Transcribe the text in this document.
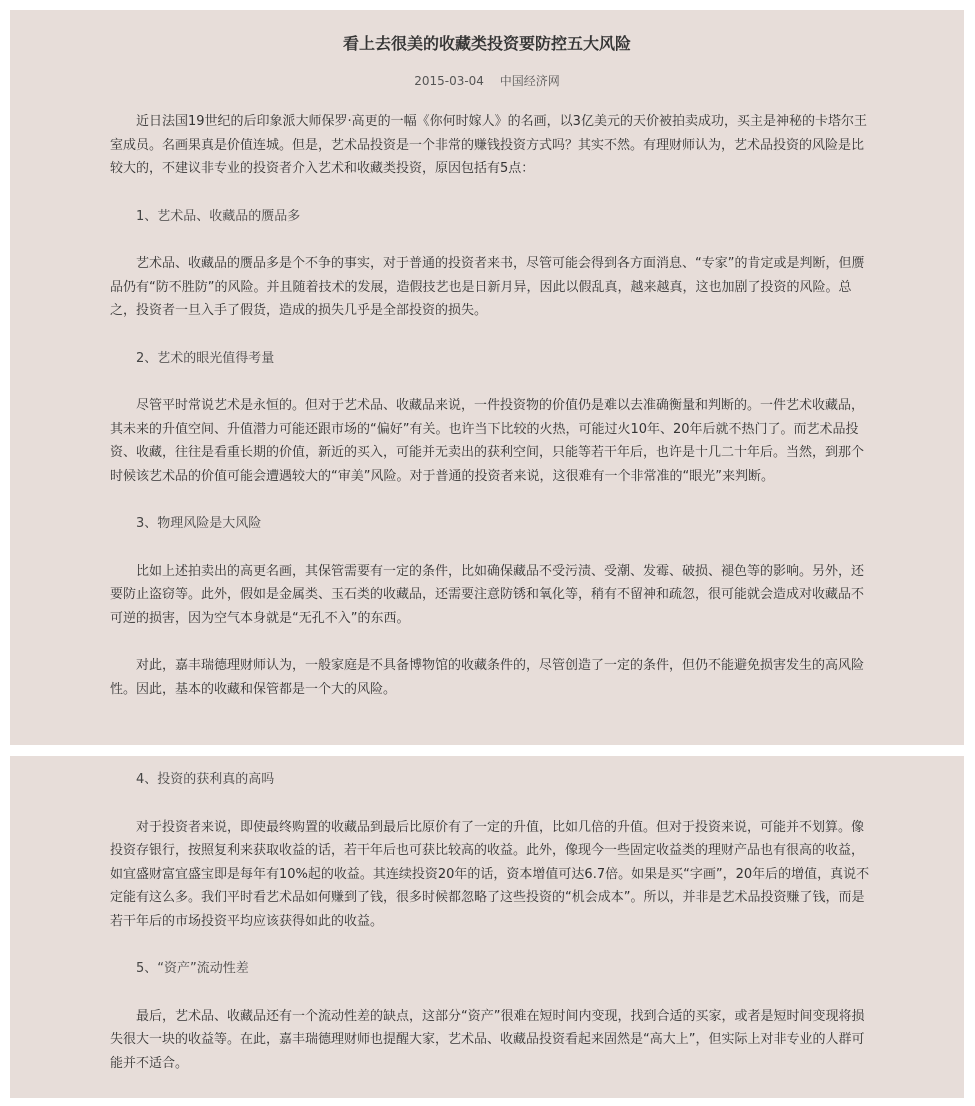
看上去很美的收藏类投资要防控五大风险
2015-03-04 中国经济网

近日法国19世纪的后印象派大师保罗·高更的一幅《你何时嫁人》的名画，以3亿美元的天价被拍卖成功，买主是神秘的卡塔尔王室成员。名画果真是价值连城。但是，艺术品投资是一个非常的赚钱投资方式吗？其实不然。有理财师认为，艺术品投资的风险是比较大的，不建议非专业的投资者介入艺术和收藏类投资，原因包括有5点：

1、艺术品、收藏品的赝品多

艺术品、收藏品的赝品多是个不争的事实，对于普通的投资者来书，尽管可能会得到各方面消息、“专家”的肯定或是判断，但赝品仍有“防不胜防”的风险。并且随着技术的发展，造假技艺也是日新月异，因此以假乱真，越来越真，这也加剧了投资的风险。总之，投资者一旦入手了假货，造成的损失几乎是全部投资的损失。

2、艺术的眼光值得考量

尽管平时常说艺术是永恒的。但对于艺术品、收藏品来说，一件投资物的价值仍是难以去准确衡量和判断的。一件艺术收藏品，其未来的升值空间、升值潜力可能还跟市场的“偏好”有关。也许当下比较的火热，可能过火10年、20年后就不热门了。而艺术品投资、收藏，往往是看重长期的价值，新近的买入，可能并无卖出的获利空间，只能等若干年后，也许是十几二十年后。当然，到那个时候该艺术品的价值可能会遭遇较大的“审美”风险。对于普通的投资者来说，这很难有一个非常准的“眼光”来判断。

3、物理风险是大风险

比如上述拍卖出的高更名画，其保管需要有一定的条件，比如确保藏品不受污渍、受潮、发霉、破损、褪色等的影响。另外，还要防止盗窃等。此外，假如是金属类、玉石类的收藏品，还需要注意防锈和氧化等，稍有不留神和疏忽，很可能就会造成对收藏品不可逆的损害，因为空气本身就是“无孔不入”的东西。

对此，嘉丰瑞德理财师认为，一般家庭是不具备博物馆的收藏条件的，尽管创造了一定的条件，但仍不能避免损害发生的高风险性。因此，基本的收藏和保管都是一个大的风险。

4、投资的获利真的高吗

对于投资者来说，即使最终购置的收藏品到最后比原价有了一定的升值，比如几倍的升值。但对于投资来说，可能并不划算。像投资存银行，按照复利来获取收益的话，若干年后也可获比较高的收益。此外，像现今一些固定收益类的理财产品也有很高的收益，如宜盛财富宜盛宝即是每年有10%起的收益。其连续投资20年的话，资本增值可达6.7倍。如果是买“字画”，20年后的增值，真说不定能有这么多。我们平时看艺术品如何赚到了钱，很多时候都忽略了这些投资的“机会成本”。所以，并非是艺术品投资赚了钱，而是若干年后的市场投资平均应该获得如此的收益。

5、“资产”流动性差

最后，艺术品、收藏品还有一个流动性差的缺点，这部分“资产”很难在短时间内变现，找到合适的买家，或者是短时间变现将损失很大一块的收益等。在此，嘉丰瑞德理财师也提醒大家，艺术品、收藏品投资看起来固然是“高大上”，但实际上对非专业的人群可能并不适合。
